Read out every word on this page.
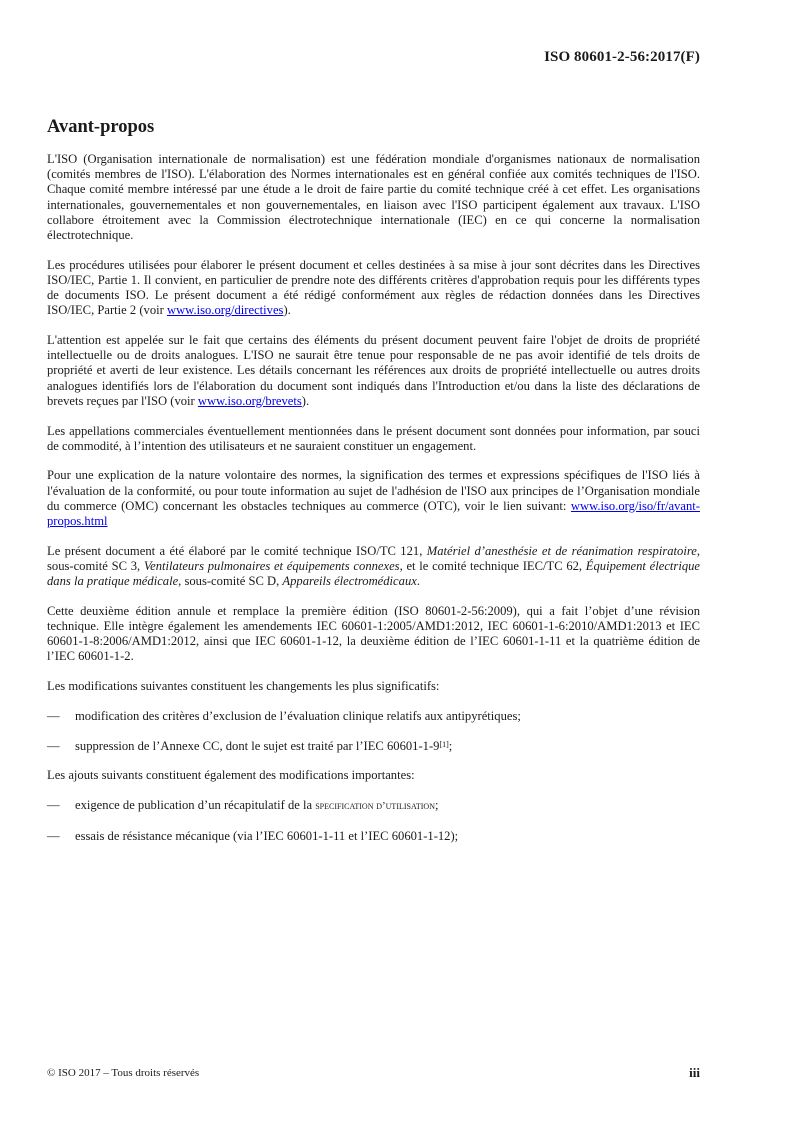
ISO 80601-2-56:2017(F)
Avant-propos

L'ISO (Organisation internationale de normalisation) est une fédération mondiale d'organismes nationaux de normalisation (comités membres de l'ISO). L'élaboration des Normes internationales est en général confiée aux comités techniques de l'ISO. Chaque comité membre intéressé par une étude a le droit de faire partie du comité technique créé à cet effet. Les organisations internationales, gouvernementales et non gouvernementales, en liaison avec l'ISO participent également aux travaux. L'ISO collabore étroitement avec la Commission électrotechnique internationale (IEC) en ce qui concerne la normalisation électrotechnique.

Les procédures utilisées pour élaborer le présent document et celles destinées à sa mise à jour sont décrites dans les Directives ISO/IEC, Partie 1. Il convient, en particulier de prendre note des différents critères d'approbation requis pour les différents types de documents ISO. Le présent document a été rédigé conformément aux règles de rédaction données dans les Directives ISO/IEC, Partie 2 (voir www.iso.org/directives).

L'attention est appelée sur le fait que certains des éléments du présent document peuvent faire l'objet de droits de propriété intellectuelle ou de droits analogues. L'ISO ne saurait être tenue pour responsable de ne pas avoir identifié de tels droits de propriété et averti de leur existence. Les détails concernant les références aux droits de propriété intellectuelle ou autres droits analogues identifiés lors de l'élaboration du document sont indiqués dans l'Introduction et/ou dans la liste des déclarations de brevets reçues par l'ISO (voir www.iso.org/brevets).

Les appellations commerciales éventuellement mentionnées dans le présent document sont données pour information, par souci de commodité, à l’intention des utilisateurs et ne sauraient constituer un engagement.

Pour une explication de la nature volontaire des normes, la signification des termes et expressions spécifiques de l'ISO liés à l'évaluation de la conformité, ou pour toute information au sujet de l'adhésion de l'ISO aux principes de l’Organisation mondiale du commerce (OMC) concernant les obstacles techniques au commerce (OTC), voir le lien suivant: www.iso.org/iso/fr/avant-propos.html

Le présent document a été élaboré par le comité technique ISO/TC 121, Matériel d’anesthésie et de réanimation respiratoire, sous-comité SC 3, Ventilateurs pulmonaires et équipements connexes, et le comité technique IEC/TC 62, Équipement électrique dans la pratique médicale, sous-comité SC D, Appareils électromédicaux.

Cette deuxième édition annule et remplace la première édition (ISO 80601-2-56:2009), qui a fait l’objet d’une révision technique. Elle intègre également les amendements IEC 60601-1:2005/AMD1:2012, IEC 60601-1-6:2010/AMD1:2013 et IEC 60601-1-8:2006/AMD1:2012, ainsi que IEC 60601-1-12, la deuxième édition de l’IEC 60601-1-11 et la quatrième édition de l’IEC 60601-1-2.

Les modifications suivantes constituent les changements les plus significatifs:

—	modification des critères d’exclusion de l’évaluation clinique relatifs aux antipyrétiques;
—	suppression de l’Annexe CC, dont le sujet est traité par l’IEC 60601-1-9[1];

Les ajouts suivants constituent également des modifications importantes:

—	exigence de publication d’un récapitulatif de la specification d’utilisation;
—	essais de résistance mécanique (via l’IEC 60601-1-11 et l’IEC 60601-1-12);
© ISO 2017 – Tous droits réservés	iii
